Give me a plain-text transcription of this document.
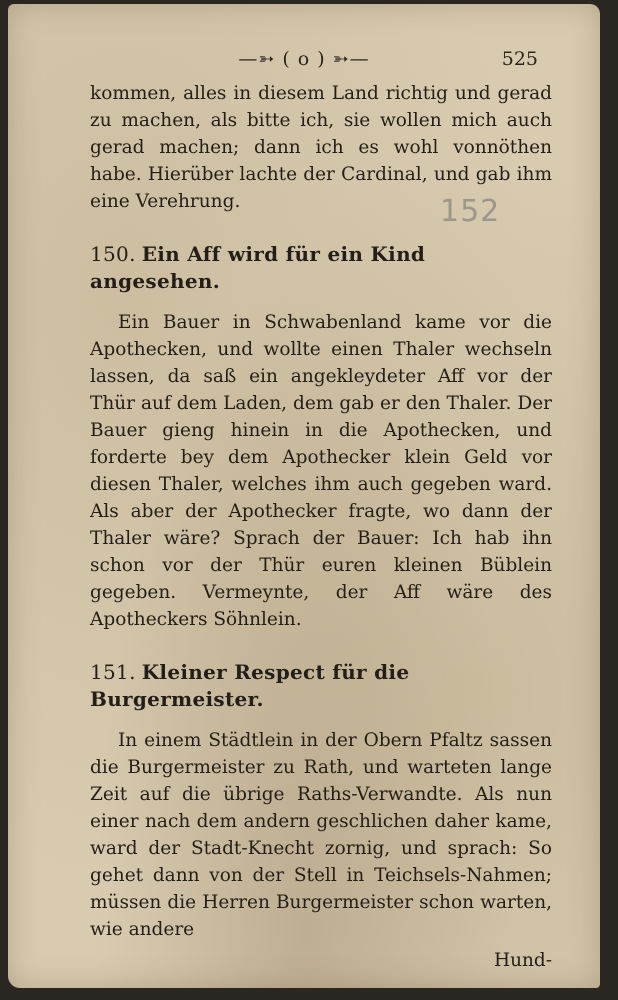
—➳ ( o ) ➳—	525
152

kommen, alles in diesem Land richtig und gerad zu machen, als bitte ich, sie wollen mich auch gerad machen; dann ich es wohl vonnöthen habe. Hierüber lachte der Cardinal, und gab ihm eine Verehrung.

150. Ein Aff wird für ein Kind angesehen.

Ein Bauer in Schwabenland kame vor die Apothecken, und wollte einen Thaler wechseln lassen, da saß ein angekleydeter Aff vor der Thür auf dem Laden, dem gab er den Thaler. Der Bauer gieng hinein in die Apothecken, und forderte bey dem Apothecker klein Geld vor diesen Thaler, welches ihm auch gegeben ward. Als aber der Apothecker fragte, wo dann der Thaler wäre? Sprach der Bauer: Ich hab ihn schon vor der Thür euren kleinen Büblein gegeben. Vermeynte, der Aff wäre des Apotheckers Söhnlein.

151. Kleiner Respect für die Burgermeister.

In einem Städtlein in der Obern Pfaltz sassen die Burgermeister zu Rath, und warteten lange Zeit auf die übrige Raths-Verwandte. Als nun einer nach dem andern geschlichen daher kame, ward der Stadt-Knecht zornig, und sprach: So gehet dann von der Stell in Teichsels-Nahmen; müssen die Herren Burgermeister schon warten, wie andere

Hund-
